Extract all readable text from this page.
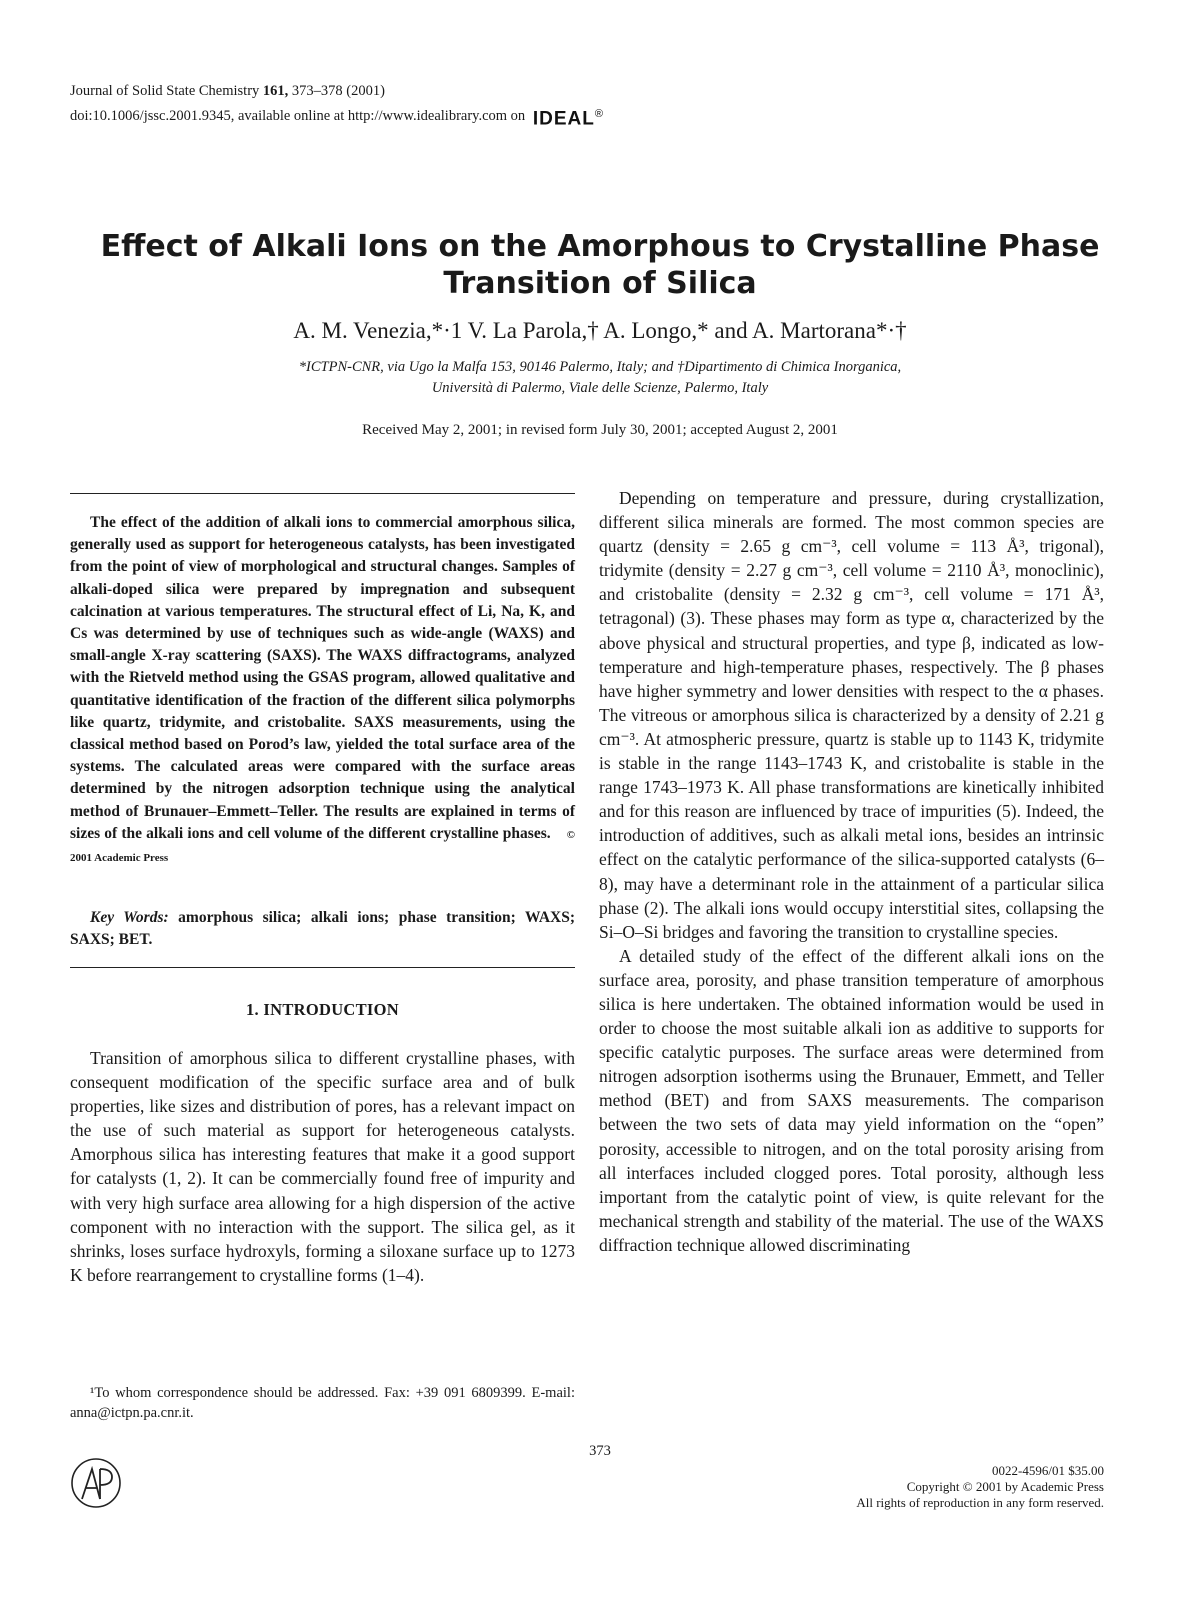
Journal of Solid State Chemistry 161, 373–378 (2001)
doi:10.1006/jssc.2001.9345, available online at http://www.idealibrary.com on IDEAL®
Effect of Alkali Ions on the Amorphous to Crystalline Phase Transition of Silica
A. M. Venezia,*·1 V. La Parola,† A. Longo,* and A. Martorana*·†
*ICTPN-CNR, via Ugo la Malfa 153, 90146 Palermo, Italy; and †Dipartimento di Chimica Inorganica,
Università di Palermo, Viale delle Scienze, Palermo, Italy
Received May 2, 2001; in revised form July 30, 2001; accepted August 2, 2001
The effect of the addition of alkali ions to commercial amorphous silica, generally used as support for heterogeneous catalysts, has been investigated from the point of view of morphological and structural changes. Samples of alkali-doped silica were prepared by impregnation and subsequent calcination at various temperatures. The structural effect of Li, Na, K, and Cs was determined by use of techniques such as wide-angle (WAXS) and small-angle X-ray scattering (SAXS). The WAXS diffractograms, analyzed with the Rietveld method using the GSAS program, allowed qualitative and quantitative identification of the fraction of the different silica polymorphs like quartz, tridymite, and cristobalite. SAXS measurements, using the classical method based on Porod’s law, yielded the total surface area of the systems. The calculated areas were compared with the surface areas determined by the nitrogen adsorption technique using the analytical method of Brunauer–Emmett–Teller. The results are explained in terms of sizes of the alkali ions and cell volume of the different crystalline phases. © 2001 Academic Press
Key Words: amorphous silica; alkali ions; phase transition; WAXS; SAXS; BET.
1. INTRODUCTION

Transition of amorphous silica to different crystalline phases, with consequent modification of the specific surface area and of bulk properties, like sizes and distribution of pores, has a relevant impact on the use of such material as support for heterogeneous catalysts. Amorphous silica has interesting features that make it a good support for catalysts (1, 2). It can be commercially found free of impurity and with very high surface area allowing for a high dispersion of the active component with no interaction with the support. The silica gel, as it shrinks, loses surface hydroxyls, forming a siloxane surface up to 1273 K before rearrangement to crystalline forms (1–4).

Depending on temperature and pressure, during crystallization, different silica minerals are formed. The most common species are quartz (density = 2.65 g cm⁻³, cell volume = 113 Å³, trigonal), tridymite (density = 2.27 g cm⁻³, cell volume = 2110 Å³, monoclinic), and cristobalite (density = 2.32 g cm⁻³, cell volume = 171 Å³, tetragonal) (3). These phases may form as type α, characterized by the above physical and structural properties, and type β, indicated as low-temperature and high-temperature phases, respectively. The β phases have higher symmetry and lower densities with respect to the α phases. The vitreous or amorphous silica is characterized by a density of 2.21 g cm⁻³. At atmospheric pressure, quartz is stable up to 1143 K, tridymite is stable in the range 1143–1743 K, and cristobalite is stable in the range 1743–1973 K. All phase transformations are kinetically inhibited and for this reason are influenced by trace of impurities (5). Indeed, the introduction of additives, such as alkali metal ions, besides an intrinsic effect on the catalytic performance of the silica-supported catalysts (6–8), may have a determinant role in the attainment of a particular silica phase (2). The alkali ions would occupy interstitial sites, collapsing the Si–O–Si bridges and favoring the transition to crystalline species.

A detailed study of the effect of the different alkali ions on the surface area, porosity, and phase transition temperature of amorphous silica is here undertaken. The obtained information would be used in order to choose the most suitable alkali ion as additive to supports for specific catalytic purposes. The surface areas were determined from nitrogen adsorption isotherms using the Brunauer, Emmett, and Teller method (BET) and from SAXS measurements. The comparison between the two sets of data may yield information on the “open” porosity, accessible to nitrogen, and on the total porosity arising from all interfaces included clogged pores. Total porosity, although less important from the catalytic point of view, is quite relevant for the mechanical strength and stability of the material. The use of the WAXS diffraction technique allowed discriminating

¹To whom correspondence should be addressed. Fax: +39 091 6809399. E-mail: anna@ictpn.pa.cnr.it.
373
0022-4596/01 $35.00
Copyright © 2001 by Academic Press
All rights of reproduction in any form reserved.
